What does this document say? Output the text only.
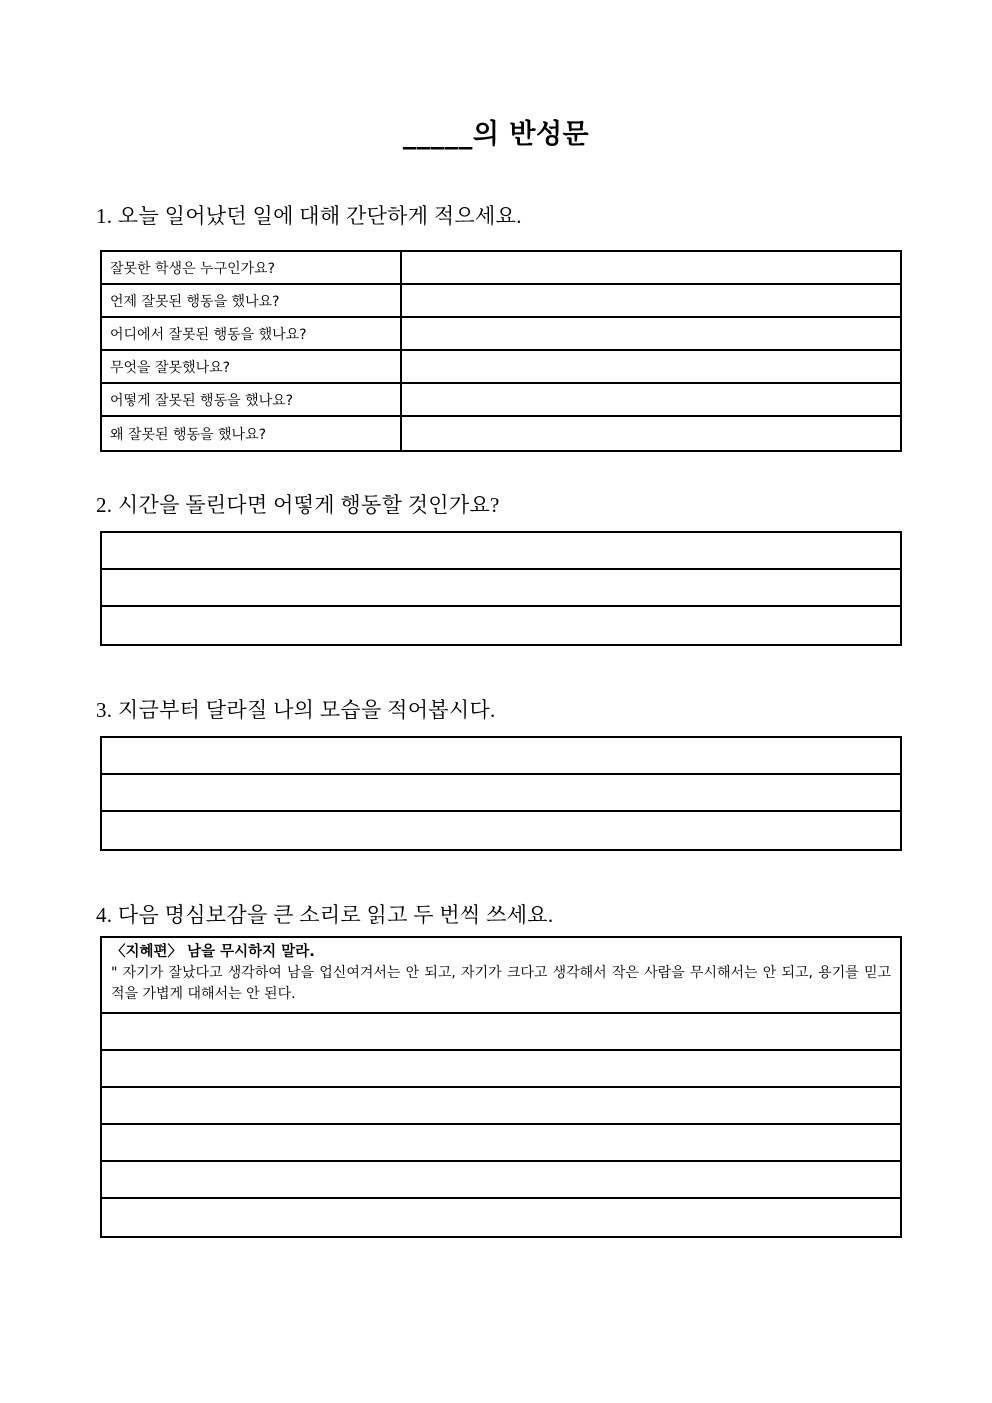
_____의 반성문
1. 오늘 일어났던 일에 대해 간단하게 적으세요.
잘못한 학생은 누구인가요?
언제 잘못된 행동을 했나요?
어디에서 잘못된 행동을 했나요?
무엇을 잘못했나요?
어떻게 잘못된 행동을 했나요?
왜 잘못된 행동을 했나요?
2. 시간을 돌린다면 어떻게 행동할 것인가요?
3. 지금부터 달라질 나의 모습을 적어봅시다.
4. 다음 명심보감을 큰 소리로 읽고 두 번씩 쓰세요.
〈지혜편〉 남을 무시하지 말라.
" 자기가 잘났다고 생각하여 남을 업신여겨서는 안 되고, 자기가 크다고 생각해서 작은 사람을 무시해서는 안 되고, 용기를 믿고 적을 가볍게 대해서는 안 된다.
